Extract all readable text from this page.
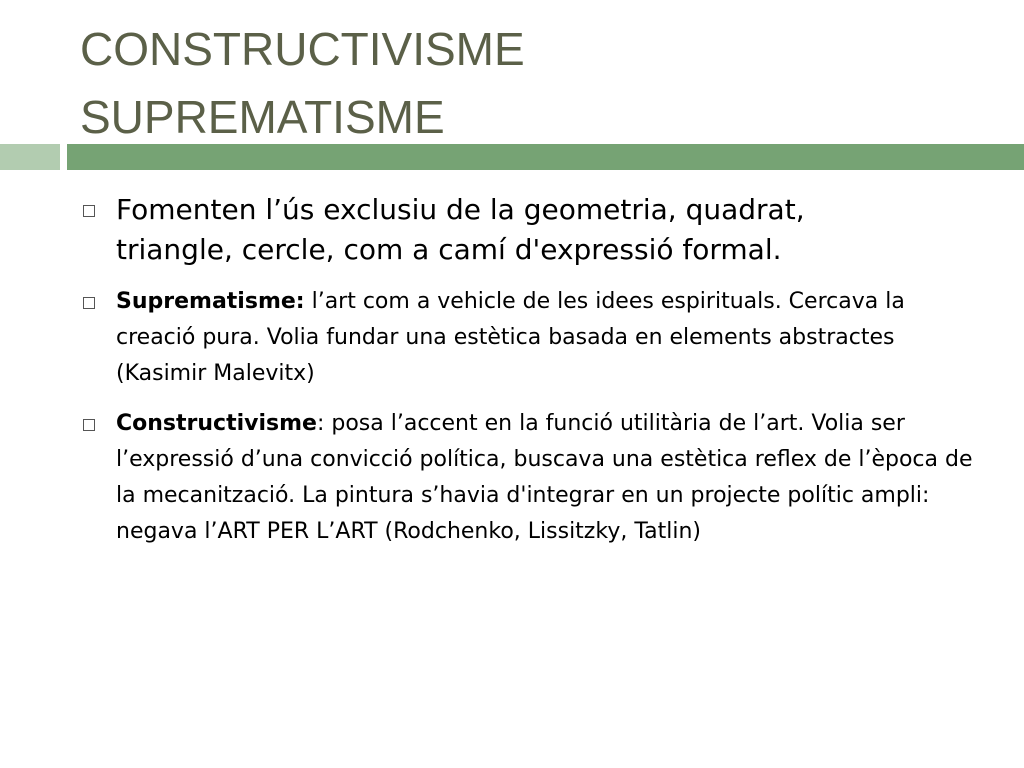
CONSTRUCTIVISME
SUPREMATISME
Fomenten l’ús exclusiu de la geometria, quadrat,
triangle, cercle, com a camí d'expressió formal.
Suprematisme: l’art com a vehicle de les idees espirituals. Cercava la creació pura. Volia fundar una estètica basada en elements abstractes (Kasimir Malevitx)
Constructivisme: posa l’accent en la funció utilitària de l’art. Volia ser l’expressió d’una convicció política, buscava una estètica reflex de l’època de la mecanització. La pintura s’havia d'integrar en un projecte polític ampli: negava l’ART PER L’ART (Rodchenko, Lissitzky, Tatlin)
